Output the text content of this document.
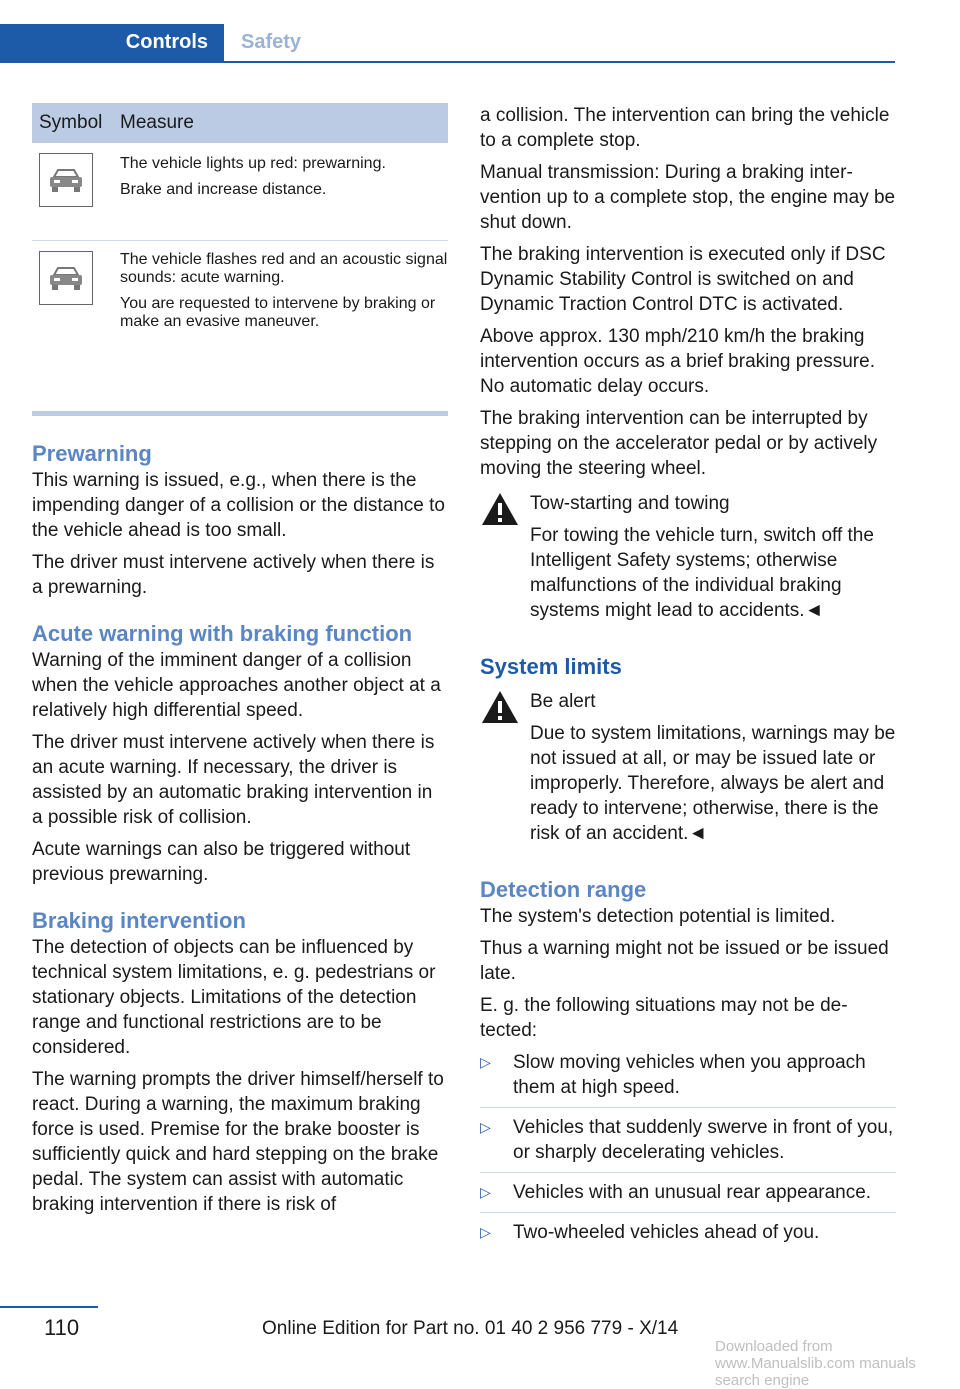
Controls	Safety
Symbol Measure

The vehicle lights up red: prewarning.

Brake and increase distance.

The vehicle flashes red and an acoustic signal sounds: acute warning.

You are requested to intervene by braking or make an evasive maneuver.

Prewarning

This warning is issued, e.g., when there is the impending danger of a collision or the distance to the vehicle ahead is too small.

The driver must intervene actively when there is a prewarning.

Acute warning with braking function

Warning of the imminent danger of a collision when the vehicle approaches another object at a relatively high differential speed.

The driver must intervene actively when there is an acute warning. If necessary, the driver is assisted by an automatic braking intervention in a possible risk of collision.

Acute warnings can also be triggered without previous prewarning.

Braking intervention

The detection of objects can be influenced by technical system limitations, e. g. pedestrians or stationary objects. Limitations of the detection range and functional restrictions are to be considered.

The warning prompts the driver himself/herself to react. During a warning, the maximum braking force is used. Premise for the brake booster is sufficiently quick and hard stepping on the brake pedal. The system can assist with automatic braking intervention if there is risk of

a collision. The intervention can bring the vehicle to a complete stop.

Manual transmission: During a braking intervention up to a complete stop, the engine may be shut down.

The braking intervention is executed only if DSC Dynamic Stability Control is switched on and Dynamic Traction Control DTC is activated.

Above approx. 130 mph/210 km/h the braking intervention occurs as a brief braking pressure. No automatic delay occurs.

The braking intervention can be interrupted by stepping on the accelerator pedal or by actively moving the steering wheel.

Tow-starting and towing

For towing the vehicle turn, switch off the Intelligent Safety systems; otherwise malfunctions of the individual braking systems might lead to accidents.◄

System limits

Be alert

Due to system limitations, warnings may be not issued at all, or may be issued late or improperly. Therefore, always be alert and ready to intervene; otherwise, there is the risk of an accident.◄

Detection range

The system's detection potential is limited.

Thus a warning might not be issued or be issued late.

E. g. the following situations may not be detected:

▷ Slow moving vehicles when you approach them at high speed.
▷ Vehicles that suddenly swerve in front of you, or sharply decelerating vehicles.
▷ Vehicles with an unusual rear appearance.
▷ Two-wheeled vehicles ahead of you.
110	Online Edition for Part no. 01 40 2 956 779 - X/14
Downloaded from www.Manualslib.com manuals search engine
